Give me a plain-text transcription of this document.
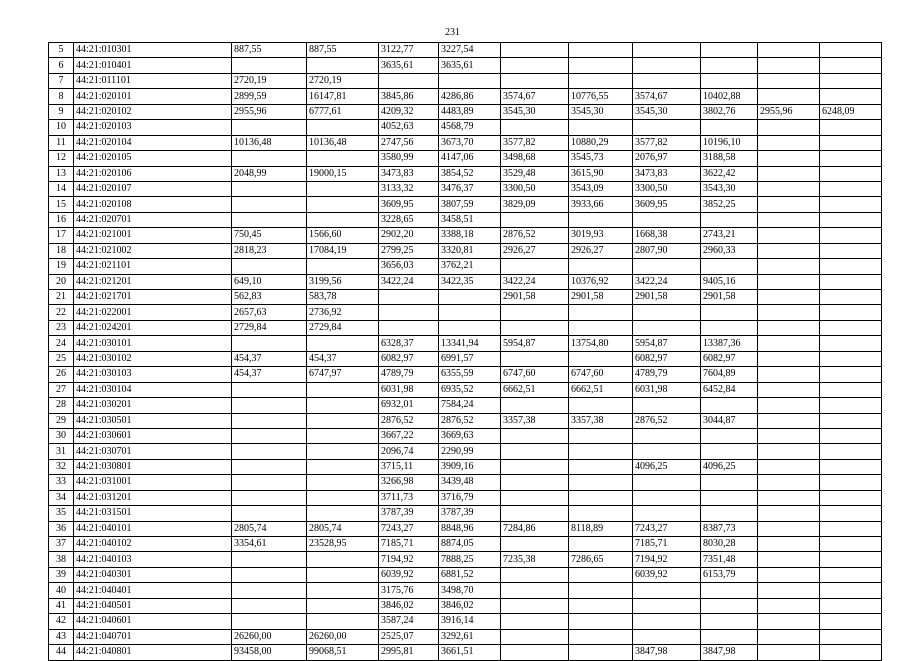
231
5	44:21:010301	887,55	887,55	3122,77	3227,54						
6	44:21:010401			3635,61	3635,61						
7	44:21:011101	2720,19	2720,19								
8	44:21:020101	2899,59	16147,81	3845,86	4286,86	3574,67	10776,55	3574,67	10402,88		
9	44:21:020102	2955,96	6777,61	4209,32	4483,89	3545,30	3545,30	3545,30	3802,76	2955,96	6248,09
10	44:21:020103			4052,63	4568,79						
11	44:21:020104	10136,48	10136,48	2747,56	3673,70	3577,82	10880,29	3577,82	10196,10		
12	44:21:020105			3580,99	4147,06	3498,68	3545,73	2076,97	3188,58		
13	44:21:020106	2048,99	19000,15	3473,83	3854,52	3529,48	3615,90	3473,83	3622,42		
14	44:21:020107			3133,32	3476,37	3300,50	3543,09	3300,50	3543,30		
15	44:21:020108			3609,95	3807,59	3829,09	3933,66	3609,95	3852,25		
16	44:21:020701			3228,65	3458,51						
17	44:21:021001	750,45	1566,60	2902,20	3388,18	2876,52	3019,93	1668,38	2743,21		
18	44:21:021002	2818,23	17084,19	2799,25	3320,81	2926,27	2926,27	2807,90	2960,33		
19	44:21:021101			3656,03	3762,21						
20	44:21:021201	649,10	3199,56	3422,24	3422,35	3422,24	10376,92	3422,24	9405,16		
21	44:21:021701	562,83	583,78			2901,58	2901,58	2901,58	2901,58		
22	44:21:022001	2657,63	2736,92								
23	44:21:024201	2729,84	2729,84								
24	44:21:030101			6328,37	13341,94	5954,87	13754,80	5954,87	13387,36		
25	44:21:030102	454,37	454,37	6082,97	6991,57			6082,97	6082,97		
26	44:21:030103	454,37	6747,97	4789,79	6355,59	6747,60	6747,60	4789,79	7604,89		
27	44:21:030104			6031,98	6935,52	6662,51	6662,51	6031,98	6452,84		
28	44:21:030201			6932,01	7584,24						
29	44:21:030501			2876,52	2876,52	3357,38	3357,38	2876,52	3044,87		
30	44:21:030601			3667,22	3669,63						
31	44:21:030701			2096,74	2290,99						
32	44:21:030801			3715,11	3909,16			4096,25	4096,25		
33	44:21:031001			3266,98	3439,48						
34	44:21:031201			3711,73	3716,79						
35	44:21:031501			3787,39	3787,39						
36	44:21:040101	2805,74	2805,74	7243,27	8848,96	7284,86	8118,89	7243,27	8387,73		
37	44:21:040102	3354,61	23528,95	7185,71	8874,05			7185,71	8030,28		
38	44:21:040103			7194,92	7888,25	7235,38	7286,65	7194,92	7351,48		
39	44:21:040301			6039,92	6881,52			6039,92	6153,79		
40	44:21:040401			3175,76	3498,70						
41	44:21:040501			3846,02	3846,02						
42	44:21:040601			3587,24	3916,14						
43	44:21:040701	26260,00	26260,00	2525,07	3292,61						
44	44:21:040801	93458,00	99068,51	2995,81	3661,51			3847,98	3847,98		
